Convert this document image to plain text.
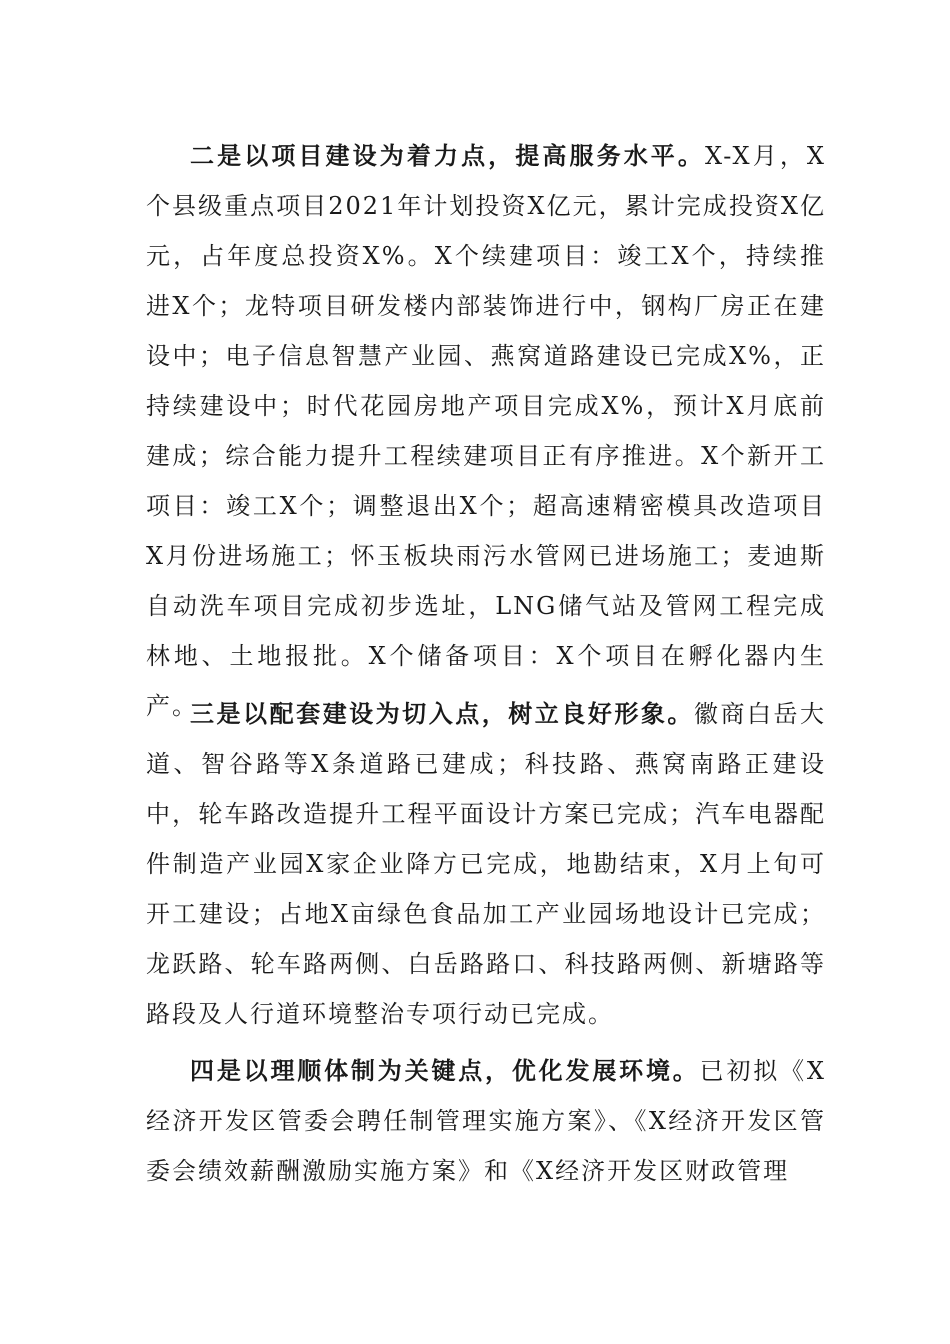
二是以项目建设为着力点，提高服务水平。X-X月，X个县级重点项目2021年计划投资X亿元，累计完成投资X亿元，占年度总投资X%。X个续建项目：竣工X个，持续推进X个；龙特项目研发楼内部装饰进行中，钢构厂房正在建设中；电子信息智慧产业园、燕窝道路建设已完成X%，正持续建设中；时代花园房地产项目完成X%，预计X月底前建成；综合能力提升工程续建项目正有序推进。X个新开工项目：竣工X个；调整退出X个；超高速精密模具改造项目X月份进场施工；怀玉板块雨污水管网已进场施工；麦迪斯自动洗车项目完成初步选址，LNG储气站及管网工程完成林地、土地报批。X个储备项目：X个项目在孵化器内生产。

三是以配套建设为切入点，树立良好形象。徽商白岳大道、智谷路等X条道路已建成；科技路、燕窝南路正建设中，轮车路改造提升工程平面设计方案已完成；汽车电器配件制造产业园X家企业降方已完成，地勘结束，X月上旬可开工建设；占地X亩绿色食品加工产业园场地设计已完成；龙跃路、轮车路两侧、白岳路路口、科技路两侧、新塘路等路段及人行道环境整治专项行动已完成。

四是以理顺体制为关键点，优化发展环境。已初拟《X经济开发区管委会聘任制管理实施方案》、《X经济开发区管委会绩效薪酬激励实施方案》和《X经济开发区财政管理
